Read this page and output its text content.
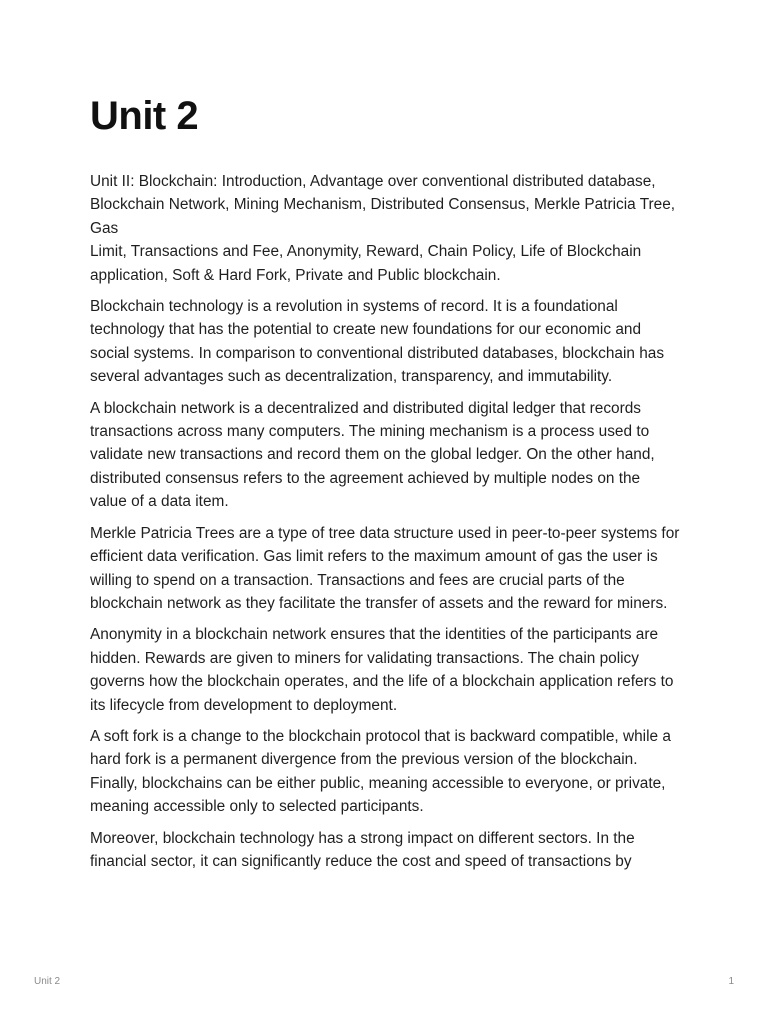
Unit 2

Unit II: Blockchain: Introduction, Advantage over conventional distributed database,
Blockchain Network, Mining Mechanism, Distributed Consensus, Merkle Patricia Tree, Gas
Limit, Transactions and Fee, Anonymity, Reward, Chain Policy, Life of Blockchain application, Soft & Hard Fork, Private and Public blockchain.

Blockchain technology is a revolution in systems of record. It is a foundational technology that has the potential to create new foundations for our economic and social systems. In comparison to conventional distributed databases, blockchain has several advantages such as decentralization, transparency, and immutability.

A blockchain network is a decentralized and distributed digital ledger that records transactions across many computers. The mining mechanism is a process used to validate new transactions and record them on the global ledger. On the other hand, distributed consensus refers to the agreement achieved by multiple nodes on the value of a data item.

Merkle Patricia Trees are a type of tree data structure used in peer-to-peer systems for efficient data verification. Gas limit refers to the maximum amount of gas the user is willing to spend on a transaction. Transactions and fees are crucial parts of the blockchain network as they facilitate the transfer of assets and the reward for miners.

Anonymity in a blockchain network ensures that the identities of the participants are hidden. Rewards are given to miners for validating transactions. The chain policy governs how the blockchain operates, and the life of a blockchain application refers to its lifecycle from development to deployment.

A soft fork is a change to the blockchain protocol that is backward compatible, while a hard fork is a permanent divergence from the previous version of the blockchain. Finally, blockchains can be either public, meaning accessible to everyone, or private, meaning accessible only to selected participants.

Moreover, blockchain technology has a strong impact on different sectors. In the financial sector, it can significantly reduce the cost and speed of transactions by

Unit 2	1
